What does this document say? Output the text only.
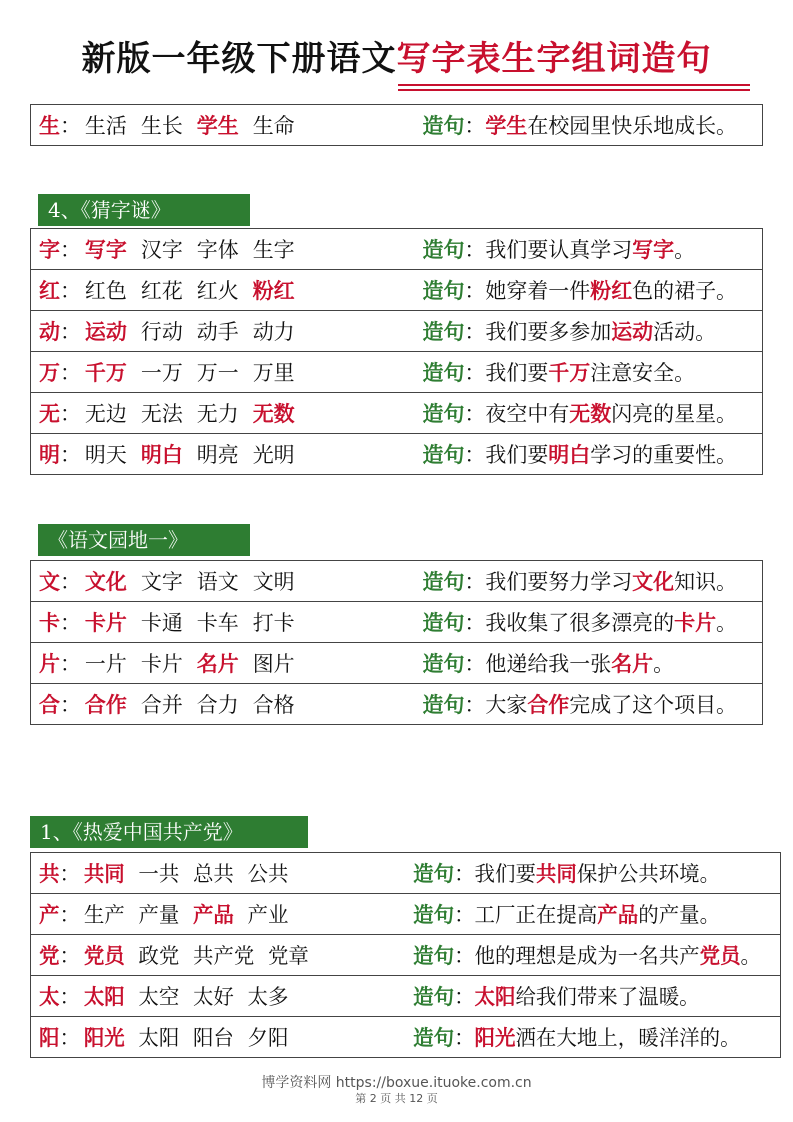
新版一年级下册语文写字表生字组词造句
4、《猜字谜》
《语文园地一》
1、《热爱中国共产党》
生 ： 生活 生长 学生 生命	造句 ： 学生在校园里快乐地成长。
字 ： 写字 汉字 字体 生字	造句 ： 我们要认真学习写字。

红 ： 红色 红花 红火 粉红	造句 ： 她穿着一件粉红色的裙子。

动 ： 运动 行动 动手 动力	造句 ： 我们要多参加运动活动。

万 ： 千万 一万 万一 万里	造句 ： 我们要千万注意安全。

无 ： 无边 无法 无力 无数	造句 ： 夜空中有无数闪亮的星星。

明 ： 明天 明白 明亮 光明	造句 ： 我们要明白学习的重要性。
文 ： 文化 文字 语文 文明	造句 ： 我们要努力学习文化知识。

卡 ： 卡片 卡通 卡车 打卡	造句 ： 我收集了很多漂亮的卡片。

片 ： 一片 卡片 名片 图片	造句 ： 他递给我一张名片。

合 ： 合作 合并 合力 合格	造句 ： 大家合作完成了这个项目。
共 ： 共同 一共 总共 公共	造句 ： 我们要共同保护公共环境。

产 ： 生产 产量 产品 产业	造句 ： 工厂正在提高产品的产量。

党 ： 党员 政党 共产党 党章	造句 ： 他的理想是成为一名共产党员。

太 ： 太阳 太空 太好 太多	造句 ： 太阳给我们带来了温暖。

阳 ： 阳光 太阳 阳台 夕阳	造句 ： 阳光洒在大地上，暖洋洋的。
博学资料网 https://boxue.ituoke.com.cn
第 2 页 共 12 页
